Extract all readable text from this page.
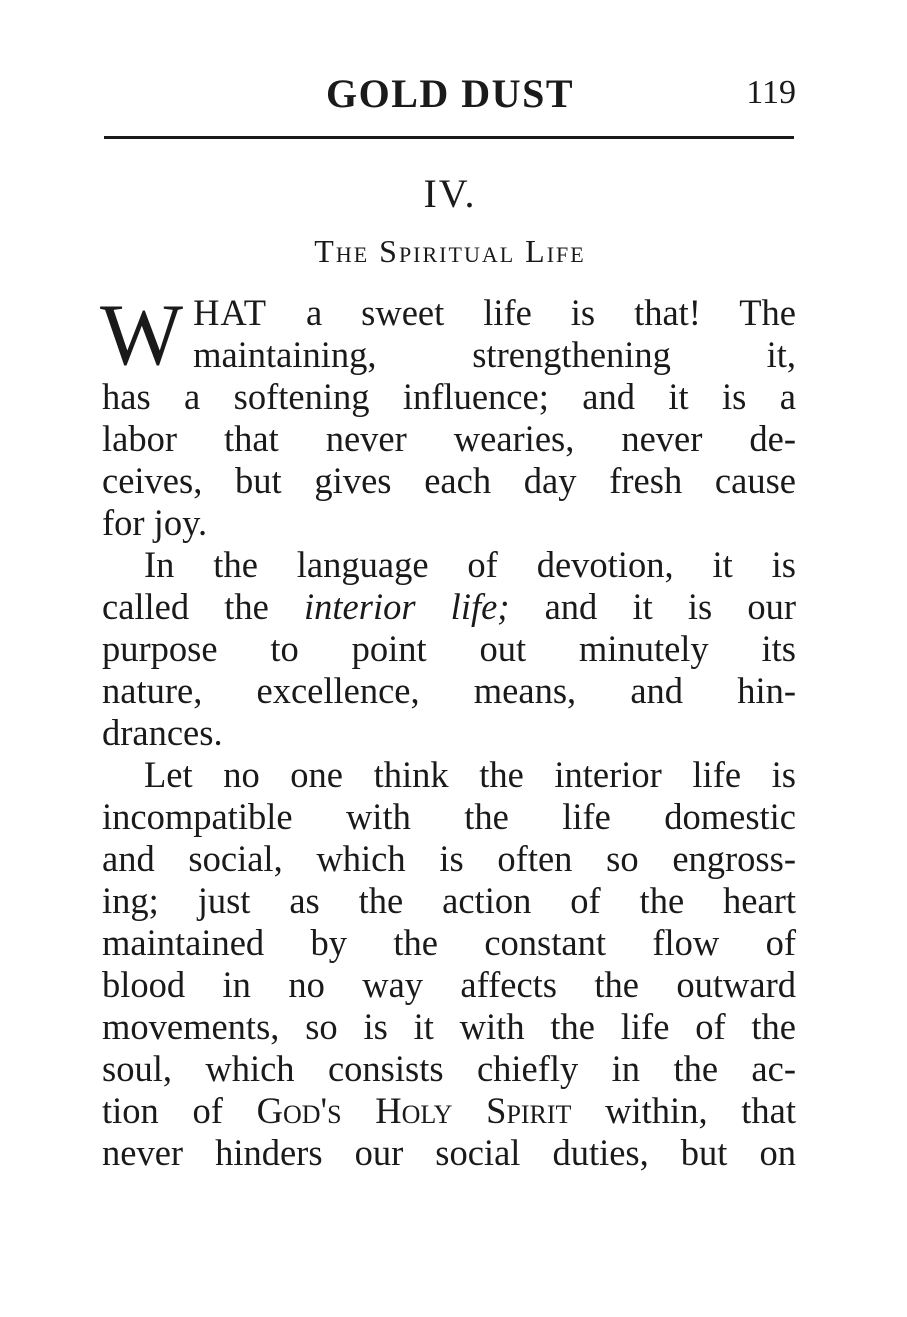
GOLD DUST	119
IV.
The Spiritual Life
W HAT a sweet life is that! The
maintaining, strengthening it,
has a softening influence; and it is a
labor that never wearies, never de-
ceives, but gives each day fresh cause
for joy.
In the language of devotion, it is
called the interior life; and it is our
purpose to point out minutely its
nature, excellence, means, and hin-
drances.
Let no one think the interior life is
incompatible with the life domestic
and social, which is often so engross-
ing; just as the action of the heart
maintained by the constant flow of
blood in no way affects the outward
movements, so is it with the life of the
soul, which consists chiefly in the ac-
tion of God's Holy Spirit within, that
never hinders our social duties, but on
